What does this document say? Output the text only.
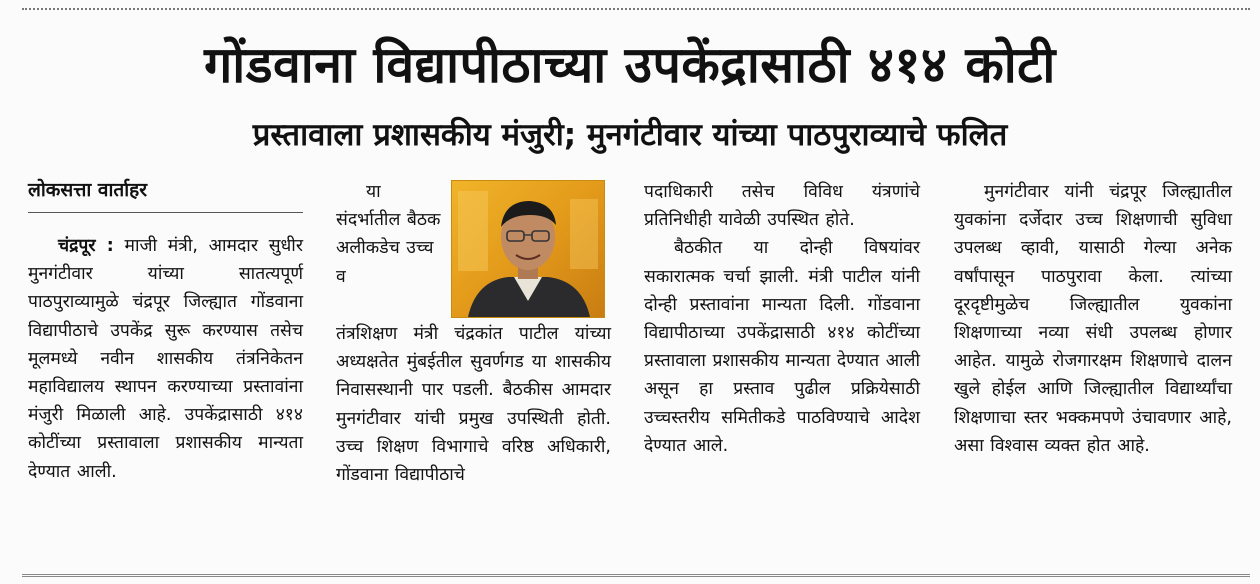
गोंडवाना विद्यापीठाच्या उपकेंद्रासाठी ४१४ कोटी
प्रस्तावाला प्रशासकीय मंजुरी; मुनगंटीवार यांच्या पाठपुराव्याचे फलित
लोकसत्ता वार्ताहर

चंद्रपूर : माजी मंत्री, आमदार सुधीर मुनगंटीवार यांच्या सातत्यपूर्ण पाठपुराव्यामुळे चंद्रपूर जिल्ह्यात गोंडवाना विद्यापीठाचे उपकेंद्र सुरू करण्यास तसेच मूलमध्ये नवीन शासकीय तंत्रनिकेतन महाविद्यालय स्थापन करण्याच्या प्रस्तावांना मंजुरी मिळाली आहे. उपकेंद्रासाठी ४१४ कोटींच्या प्रस्तावाला प्रशासकीय मान्यता देण्यात आली.

या संदर्भातील बैठक अलीकडेच उच्च व

तंत्रशिक्षण मंत्री चंद्रकांत पाटील यांच्या अध्यक्षतेत मुंबईतील सुवर्णगड या शासकीय निवासस्थानी पार पडली. बैठकीस आमदार मुनगंटीवार यांची प्रमुख उपस्थिती होती. उच्च शिक्षण विभागाचे वरिष्ठ अधिकारी, गोंडवाना विद्यापीठाचे

पदाधिकारी तसेच विविध यंत्रणांचे प्रतिनिधीही यावेळी उपस्थित होते.

बैठकीत या दोन्ही विषयांवर सकारात्मक चर्चा झाली. मंत्री पाटील यांनी दोन्ही प्रस्तावांना मान्यता दिली. गोंडवाना विद्यापीठाच्या उपकेंद्रासाठी ४१४ कोटींच्या प्रस्तावाला प्रशासकीय मान्यता देण्यात आली असून हा प्रस्ताव पुढील प्रक्रियेसाठी उच्चस्तरीय समितीकडे पाठविण्याचे आदेश देण्यात आले.

मुनगंटीवार यांनी चंद्रपूर जिल्ह्यातील युवकांना दर्जेदार उच्च शिक्षणाची सुविधा उपलब्ध व्हावी, यासाठी गेल्या अनेक वर्षांपासून पाठपुरावा केला. त्यांच्या दूरदृष्टीमुळेच जिल्ह्यातील युवकांना शिक्षणाच्या नव्या संधी उपलब्ध होणार आहेत. यामुळे रोजगारक्षम शिक्षणाचे दालन खुले होईल आणि जिल्ह्यातील विद्यार्थ्यांचा शिक्षणाचा स्तर भक्कमपणे उंचावणार आहे, असा विश्वास व्यक्त होत आहे.
